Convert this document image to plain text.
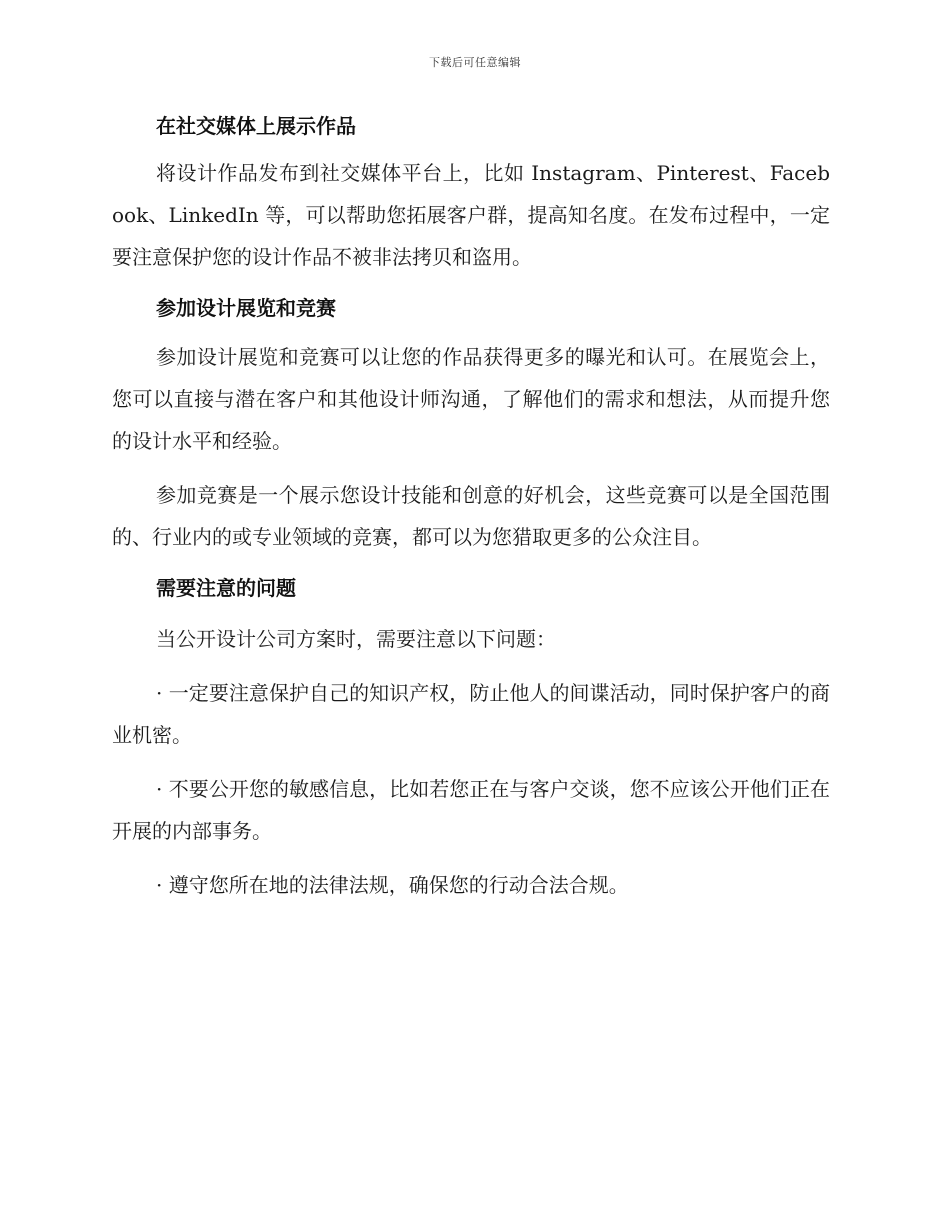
下载后可任意编辑
在社交媒体上展示作品

将设计作品发布到社交媒体平台上，比如 Instagram、Pinterest、Facebook、LinkedIn 等，可以帮助您拓展客户群，提高知名度。在发布过程中，一定要注意保护您的设计作品不被非法拷贝和盗用。

参加设计展览和竞赛

参加设计展览和竞赛可以让您的作品获得更多的曝光和认可。在展览会上，您可以直接与潜在客户和其他设计师沟通，了解他们的需求和想法，从而提升您的设计水平和经验。

参加竞赛是一个展示您设计技能和创意的好机会，这些竞赛可以是全国范围的、行业内的或专业领域的竞赛，都可以为您猎取更多的公众注目。

需要注意的问题

当公开设计公司方案时，需要注意以下问题：

· 一定要注意保护自己的知识产权，防止他人的间谍活动，同时保护客户的商业机密。

· 不要公开您的敏感信息，比如若您正在与客户交谈，您不应该公开他们正在开展的内部事务。

· 遵守您所在地的法律法规，确保您的行动合法合规。
